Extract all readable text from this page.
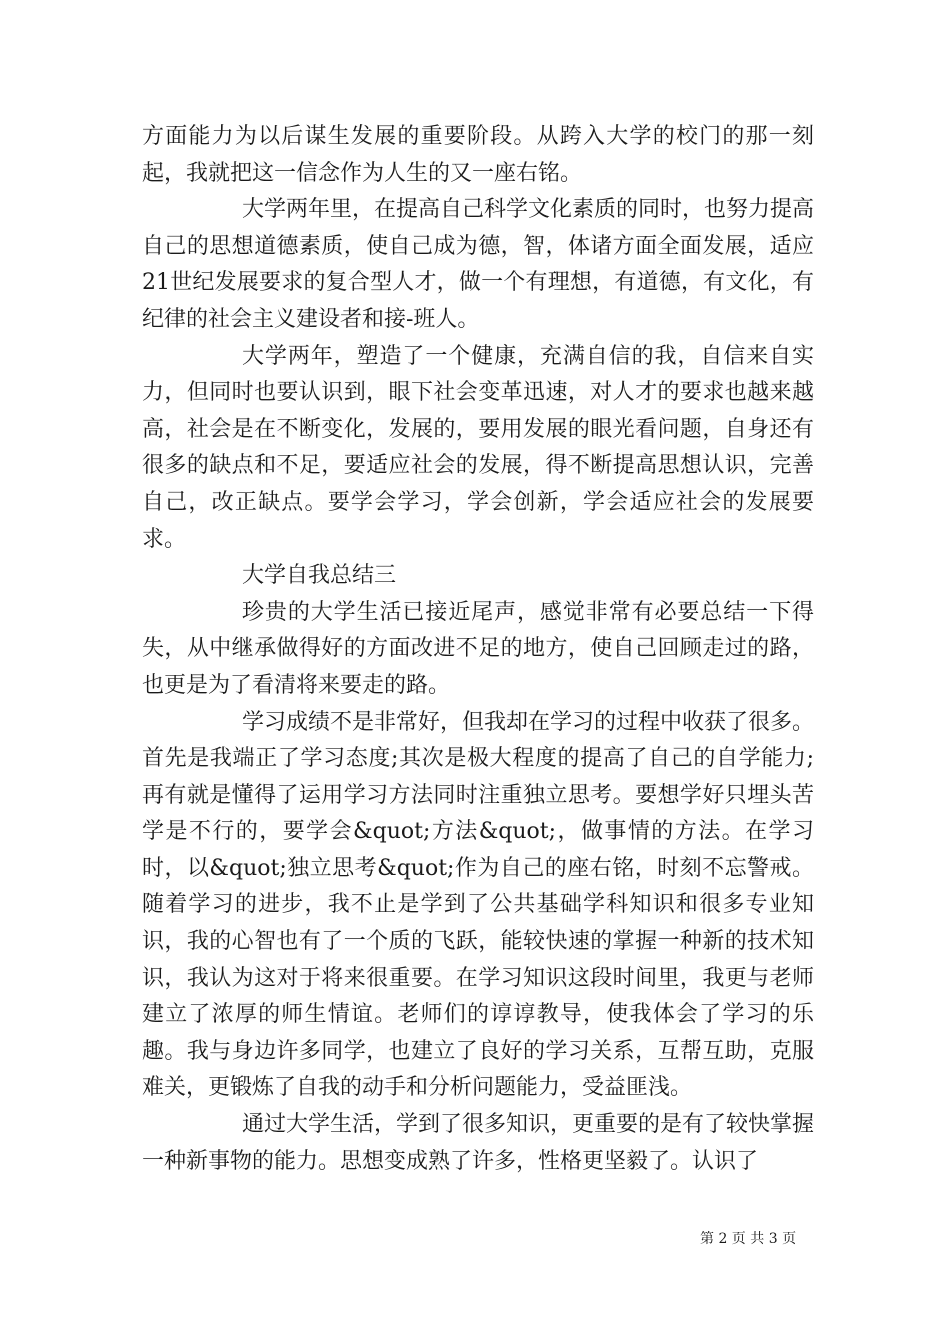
方面能力为以后谋生发展的重要阶段。从跨入大学的校门的那一刻起，我就把这一信念作为人生的又一座右铭。

大学两年里，在提高自己科学文化素质的同时，也努力提高自己的思想道德素质，使自己成为德，智，体诸方面全面发展，适应21世纪发展要求的复合型人才，做一个有理想，有道德，有文化，有纪律的社会主义建设者和接-班人。

大学两年，塑造了一个健康，充满自信的我，自信来自实力，但同时也要认识到，眼下社会变革迅速，对人才的要求也越来越高，社会是在不断变化，发展的，要用发展的眼光看问题，自身还有很多的缺点和不足，要适应社会的发展，得不断提高思想认识，完善自己，改正缺点。要学会学习，学会创新，学会适应社会的发展要求。

大学自我总结三

珍贵的大学生活已接近尾声，感觉非常有必要总结一下得失，从中继承做得好的方面改进不足的地方，使自己回顾走过的路，也更是为了看清将来要走的路。

学习成绩不是非常好，但我却在学习的过程中收获了很多。首先是我端正了学习态度;其次是极大程度的提高了自己的自学能力;再有就是懂得了运用学习方法同时注重独立思考。要想学好只埋头苦学是不行的，要学会&quot;方法&quot;，做事情的方法。在学习时，以&quot;独立思考&quot;作为自己的座右铭，时刻不忘警戒。随着学习的进步，我不止是学到了公共基础学科知识和很多专业知识，我的心智也有了一个质的飞跃，能较快速的掌握一种新的技术知识，我认为这对于将来很重要。在学习知识这段时间里，我更与老师建立了浓厚的师生情谊。老师们的谆谆教导，使我体会了学习的乐趣。我与身边许多同学，也建立了良好的学习关系，互帮互助，克服难关，更锻炼了自我的动手和分析问题能力，受益匪浅。

通过大学生活，学到了很多知识，更重要的是有了较快掌握一种新事物的能力。思想变成熟了许多，性格更坚毅了。认识了

第 2 页 共 3 页
